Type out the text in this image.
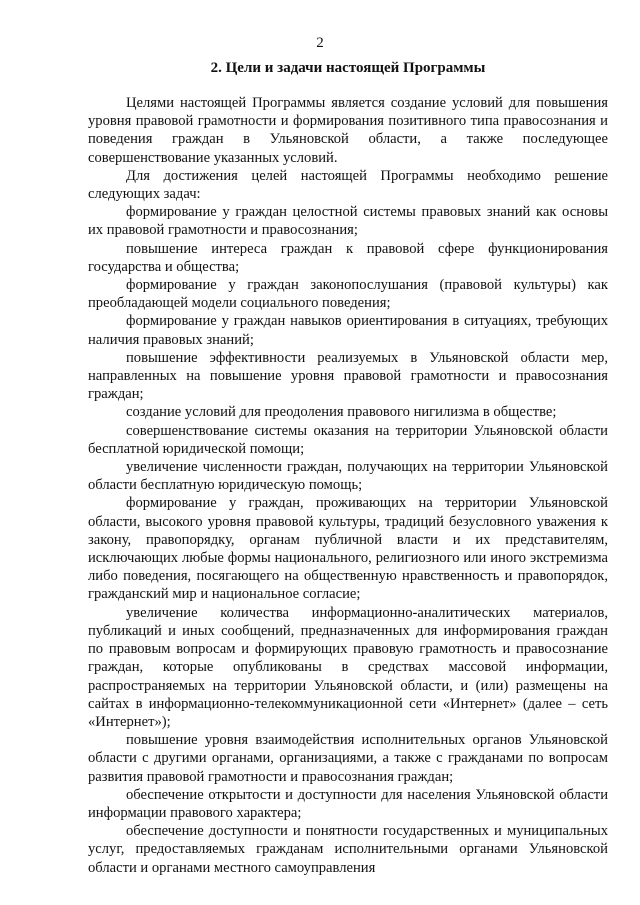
2
2. Цели и задачи настоящей Программы

Целями настоящей Программы является создание условий для повышения уровня правовой грамотности и формирования позитивного типа правосознания и поведения граждан в Ульяновской области, а также последующее совершенствование указанных условий.

Для достижения целей настоящей Программы необходимо решение следующих задач:

формирование у граждан целостной системы правовых знаний как основы их правовой грамотности и правосознания;

повышение интереса граждан к правовой сфере функционирования государства и общества;

формирование у граждан законопослушания (правовой культуры) как преобладающей модели социального поведения;

формирование у граждан навыков ориентирования в ситуациях, требующих наличия правовых знаний;

повышение эффективности реализуемых в Ульяновской области мер, направленных на повышение уровня правовой грамотности и правосознания граждан;

создание условий для преодоления правового нигилизма в обществе;

совершенствование системы оказания на территории Ульяновской области бесплатной юридической помощи;

увеличение численности граждан, получающих на территории Ульяновской области бесплатную юридическую помощь;

формирование у граждан, проживающих на территории Ульяновской области, высокого уровня правовой культуры, традиций безусловного уважения к закону, правопорядку, органам публичной власти и их представителям, исключающих любые формы национального, религиозного или иного экстремизма либо поведения, посягающего на общественную нравственность и правопорядок, гражданский мир и национальное согласие;

увеличение количества информационно-аналитических материалов, публикаций и иных сообщений, предназначенных для информирования граждан по правовым вопросам и формирующих правовую грамотность и правосознание граждан, которые опубликованы в средствах массовой информации, распространяемых на территории Ульяновской области, и (или) размещены на сайтах в информационно-телекоммуникационной сети «Интернет» (далее – сеть «Интернет»);

повышение уровня взаимодействия исполнительных органов Ульяновской области с другими органами, организациями, а также с гражданами по вопросам развития правовой грамотности и правосознания граждан;

обеспечение открытости и доступности для населения Ульяновской области информации правового характера;

обеспечение доступности и понятности государственных и муниципальных услуг, предоставляемых гражданам исполнительными органами Ульяновской области и органами местного самоуправления
